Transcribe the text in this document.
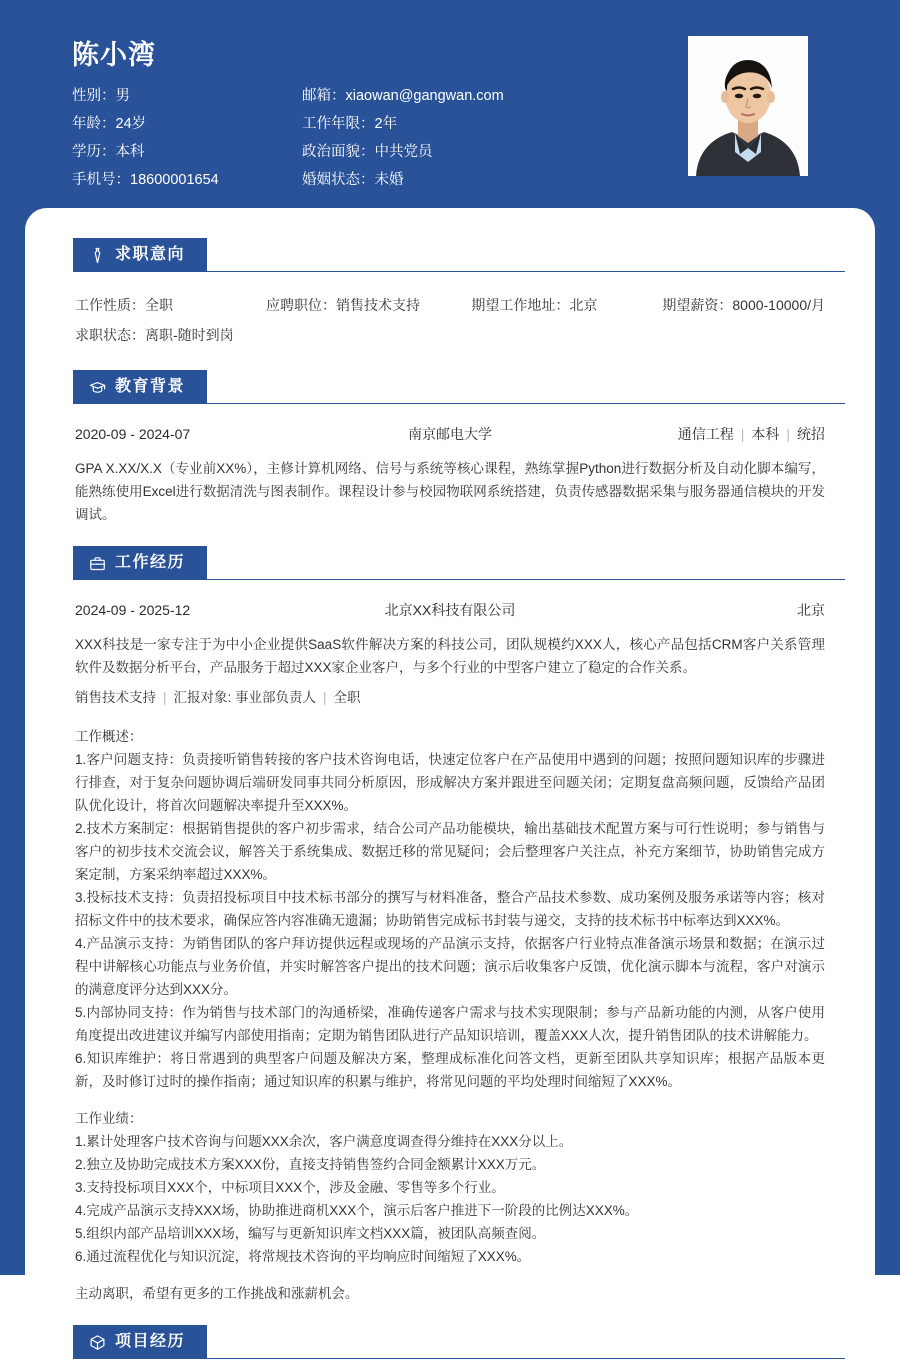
陈小湾
性别：男	邮箱：xiaowan@gangwan.com
年龄：24岁	工作年限：2年
学历：本科	政治面貌：中共党员
手机号：18600001654	婚姻状态：未婚
求职意向
工作性质：全职	应聘职位：销售技术支持	期望工作地址：北京	期望薪资：8000-10000/月
求职状态：离职-随时到岗
教育背景
2020-09 - 2024-07	南京邮电大学	通信工程 | 本科 | 统招
GPA X.XX/X.X（专业前XX%），主修计算机网络、信号与系统等核心课程，熟练掌握Python进行数据分析及自动化脚本编写，能熟练使用Excel进行数据清洗与图表制作。课程设计参与校园物联网系统搭建，负责传感器数据采集与服务器通信模块的开发调试。
工作经历
2024-09 - 2025-12	北京XX科技有限公司	北京
XXX科技是一家专注于为中小企业提供SaaS软件解决方案的科技公司，团队规模约XXX人，核心产品包括CRM客户关系管理软件及数据分析平台，产品服务于超过XXX家企业客户，与多个行业的中型客户建立了稳定的合作关系。
销售技术支持 | 汇报对象: 事业部负责人 | 全职
工作概述：
1.客户问题支持：负责接听销售转接的客户技术咨询电话，快速定位客户在产品使用中遇到的问题；按照问题知识库的步骤进行排查，对于复杂问题协调后端研发同事共同分析原因，形成解决方案并跟进至问题关闭；定期复盘高频问题，反馈给产品团队优化设计，将首次问题解决率提升至XXX%。
2.技术方案制定：根据销售提供的客户初步需求，结合公司产品功能模块，输出基础技术配置方案与可行性说明；参与销售与客户的初步技术交流会议，解答关于系统集成、数据迁移的常见疑问；会后整理客户关注点，补充方案细节，协助销售完成方案定制，方案采纳率超过XXX%。
3.投标技术支持：负责招投标项目中技术标书部分的撰写与材料准备，整合产品技术参数、成功案例及服务承诺等内容；核对招标文件中的技术要求，确保应答内容准确无遗漏；协助销售完成标书封装与递交，支持的技术标书中标率达到XXX%。
4.产品演示支持：为销售团队的客户拜访提供远程或现场的产品演示支持，依据客户行业特点准备演示场景和数据；在演示过程中讲解核心功能点与业务价值，并实时解答客户提出的技术问题；演示后收集客户反馈，优化演示脚本与流程，客户对演示的满意度评分达到XXX分。
5.内部协同支持：作为销售与技术部门的沟通桥梁，准确传递客户需求与技术实现限制；参与产品新功能的内测，从客户使用角度提出改进建议并编写内部使用指南；定期为销售团队进行产品知识培训，覆盖XXX人次，提升销售团队的技术讲解能力。
6.知识库维护：将日常遇到的典型客户问题及解决方案，整理成标准化问答文档，更新至团队共享知识库；根据产品版本更新，及时修订过时的操作指南；通过知识库的积累与维护，将常见问题的平均处理时间缩短了XXX%。
工作业绩：
1.累计处理客户技术咨询与问题XXX余次，客户满意度调查得分维持在XXX分以上。
2.独立及协助完成技术方案XXX份，直接支持销售签约合同金额累计XXX万元。
3.支持投标项目XXX个，中标项目XXX个，涉及金融、零售等多个行业。
4.完成产品演示支持XXX场，协助推进商机XXX个，演示后客户推进下一阶段的比例达XXX%。
5.组织内部产品培训XXX场，编写与更新知识库文档XXX篇，被团队高频查阅。
6.通过流程优化与知识沉淀，将常规技术咨询的平均响应时间缩短了XXX%。
主动离职，希望有更多的工作挑战和涨薪机会。
项目经历
